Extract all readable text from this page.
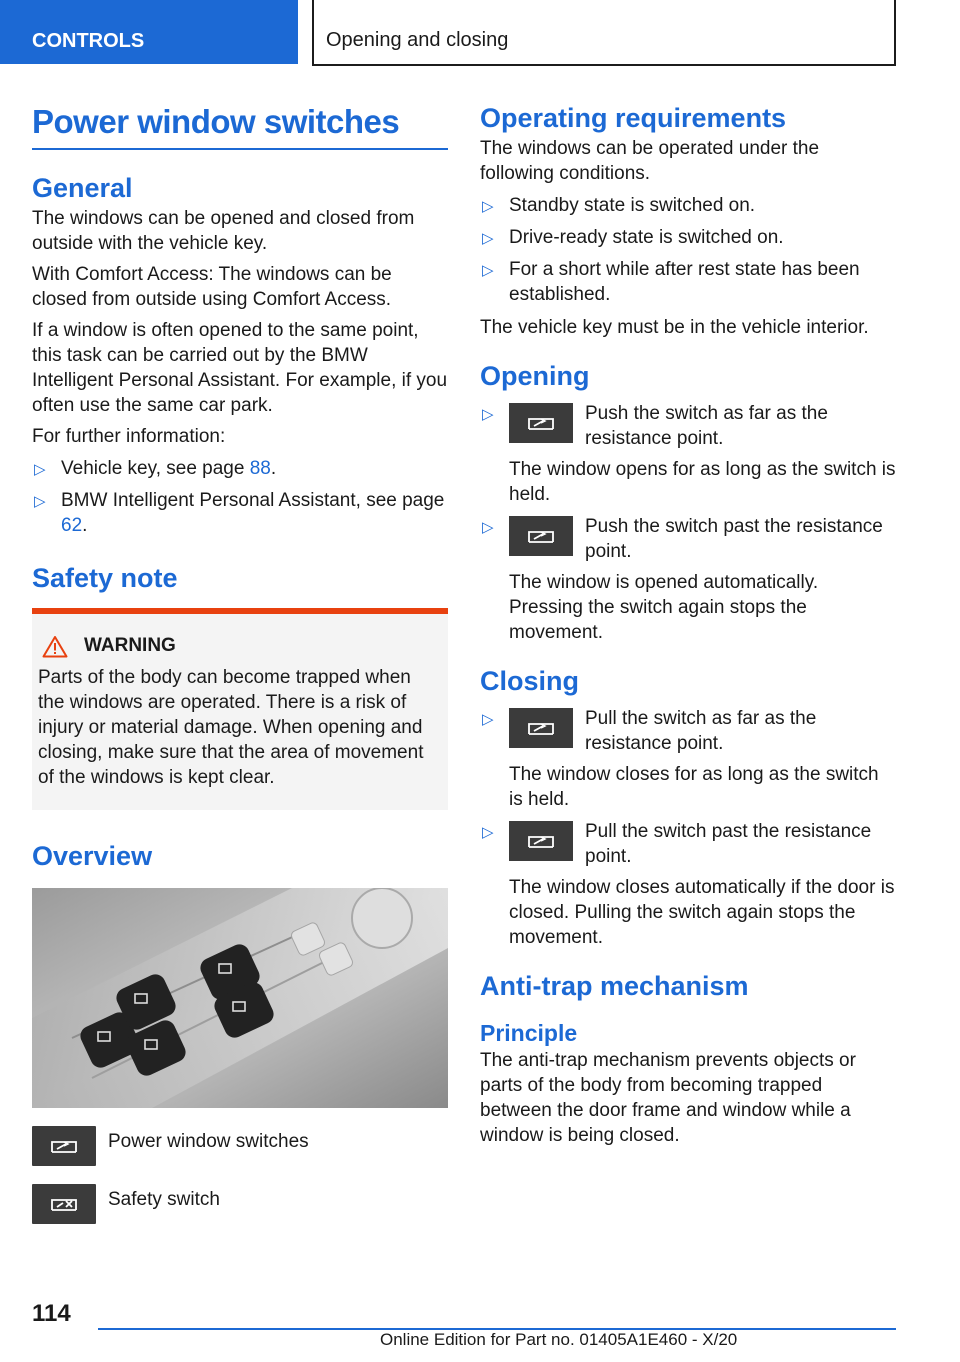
CONTROLS	Opening and closing
Power window switches
General

The windows can be opened and closed from outside with the vehicle key.

With Comfort Access: The windows can be closed from outside using Comfort Access.

If a window is often opened to the same point, this task can be carried out by the BMW Intelligent Personal Assistant. For example, if you often use the same car park.

For further information:

▷ Vehicle key, see page 88.
▷ BMW Intelligent Personal Assistant, see page 62.
Safety note
WARNING

Parts of the body can become trapped when the windows are operated. There is a risk of injury or material damage. When opening and closing, make sure that the area of movement of the windows is kept clear.

Overview

Power window switches

Safety switch

Operating requirements

The windows can be operated under the following conditions.

▷ Standby state is switched on.
▷ Drive-ready state is switched on.
▷ For a short while after rest state has been established.

The vehicle key must be in the vehicle interior.

Opening
▷	Push the switch as far as the resistance point.

The window opens for as long as the switch is held.

▷	Push the switch past the resistance point.

The window is opened automatically. Pressing the switch again stops the movement.

Closing
▷	Pull the switch as far as the resistance point.

The window closes for as long as the switch is held.

▷	Pull the switch past the resistance point.

The window closes automatically if the door is closed. Pulling the switch again stops the movement.

Anti-trap mechanism
Principle

The anti-trap mechanism prevents objects or parts of the body from becoming trapped between the door frame and window while a window is being closed.

114
Online Edition for Part no. 01405A1E460 - X/20
